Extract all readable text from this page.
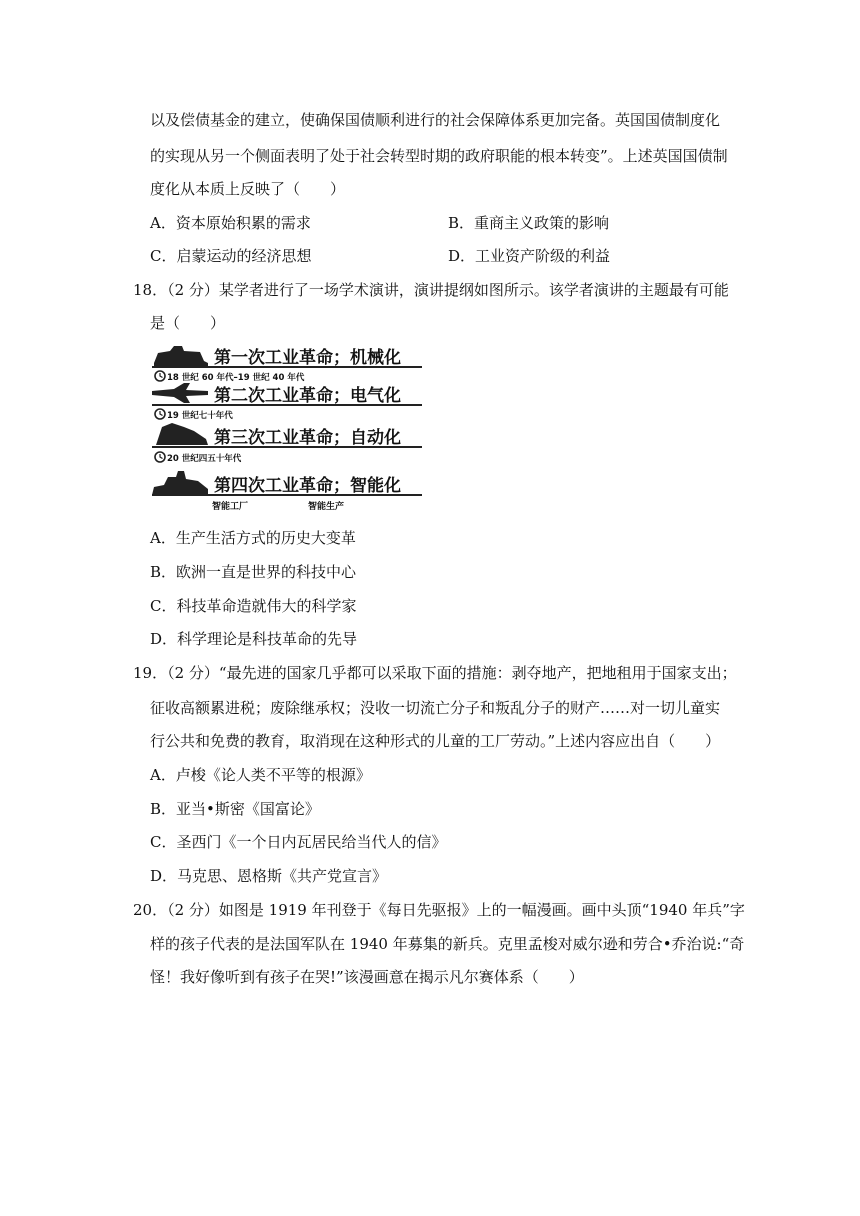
以及偿债基金的建立，使确保国债顺利进行的社会保障体系更加完备。英国国债制度化
的实现从另一个侧面表明了处于社会转型时期的政府职能的根本转变”。上述英国国债制
度化从本质上反映了（　　）
A．资本原始积累的需求	B．重商主义政策的影响
C．启蒙运动的经济思想	D．工业资产阶级的利益
18．（2 分）某学者进行了一场学术演讲，演讲提纲如图所示。该学者演讲的主题最有可能
是（　　）
第一次工业革命；机械化
18 世纪 60 年代–19 世纪 40 年代
第二次工业革命；电气化
19 世纪七十年代
第三次工业革命；自动化
20 世纪四五十年代
第四次工业革命；智能化
智能工厂	智能生产
A．生产生活方式的历史大变革
B．欧洲一直是世界的科技中心
C．科技革命造就伟大的科学家
D．科学理论是科技革命的先导
19．（2 分）“最先进的国家几乎都可以采取下面的措施：剥夺地产，把地租用于国家支出；
征收高额累进税；废除继承权；没收一切流亡分子和叛乱分子的财产……对一切儿童实
行公共和免费的教育，取消现在这种形式的儿童的工厂劳动。”上述内容应出自（　　）
A．卢梭《论人类不平等的根源》
B．亚当•斯密《国富论》
C．圣西门《一个日内瓦居民给当代人的信》
D．马克思、恩格斯《共产党宣言》
20．（2 分）如图是 1919 年刊登于《每日先驱报》上的一幅漫画。画中头顶“1940 年兵”字
样的孩子代表的是法国军队在 1940 年募集的新兵。克里孟梭对威尔逊和劳合•乔治说:“奇
怪！我好像听到有孩子在哭!”该漫画意在揭示凡尔赛体系（　　）
